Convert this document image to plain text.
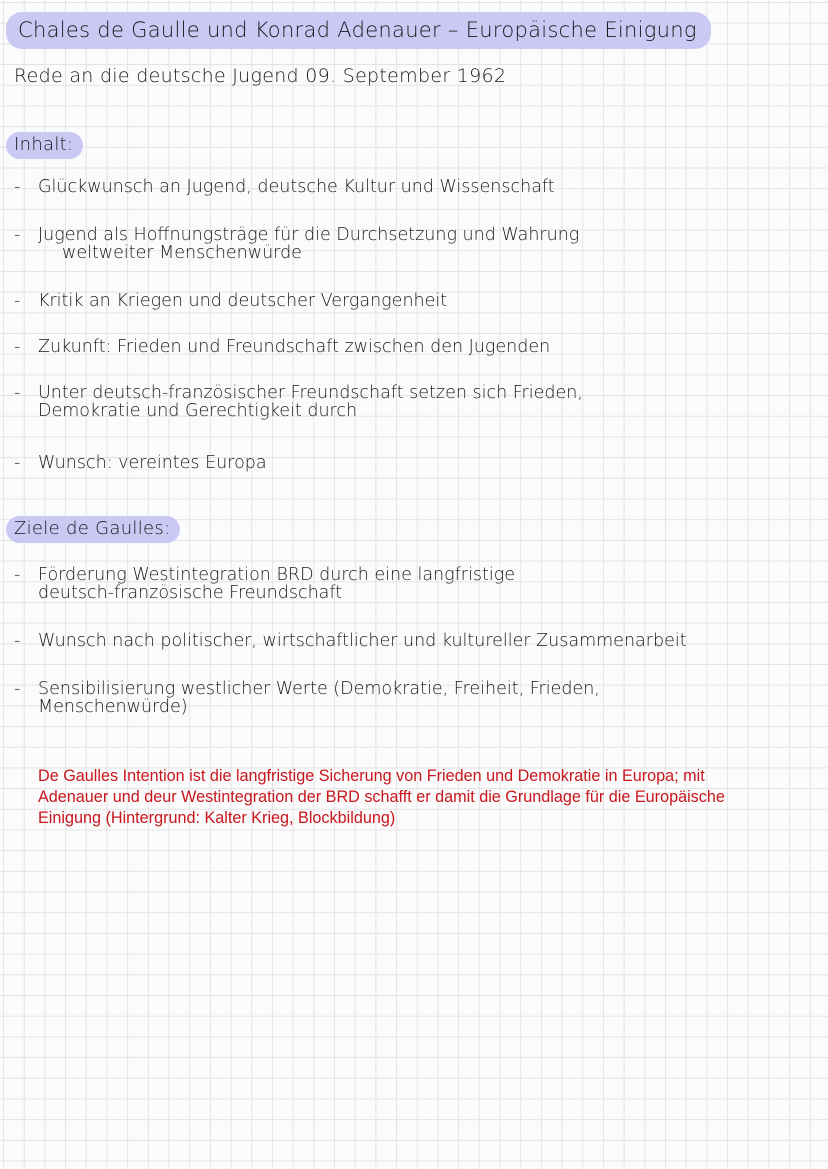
Chales de Gaulle und Konrad Adenauer – Europäische Einigung
Rede an die deutsche Jugend 09. September 1962
Inhalt:
- Glückwunsch an Jugend, deutsche Kultur und Wissenschaft
- Jugend als Hoffnungsträge für die Durchsetzung und Wahrung
weltweiter Menschenwürde
- Kritik an Kriegen und deutscher Vergangenheit
- Zukunft: Frieden und Freundschaft zwischen den Jugenden
- Unter deutsch-französischer Freundschaft setzen sich Frieden,
Demokratie und Gerechtigkeit durch
- Wunsch: vereintes Europa
Ziele de Gaulles:
- Förderung Westintegration BRD durch eine langfristige
deutsch-französische Freundschaft
- Wunsch nach politischer, wirtschaftlicher und kultureller Zusammenarbeit
- Sensibilisierung westlicher Werte (Demokratie, Freiheit, Frieden,
Menschenwürde)
De Gaulles Intention ist die langfristige Sicherung von Frieden und Demokratie in Europa; mit Adenauer und deur Westintegration der BRD schafft er damit die Grundlage für die Europäische Einigung (Hintergrund: Kalter Krieg, Blockbildung)
